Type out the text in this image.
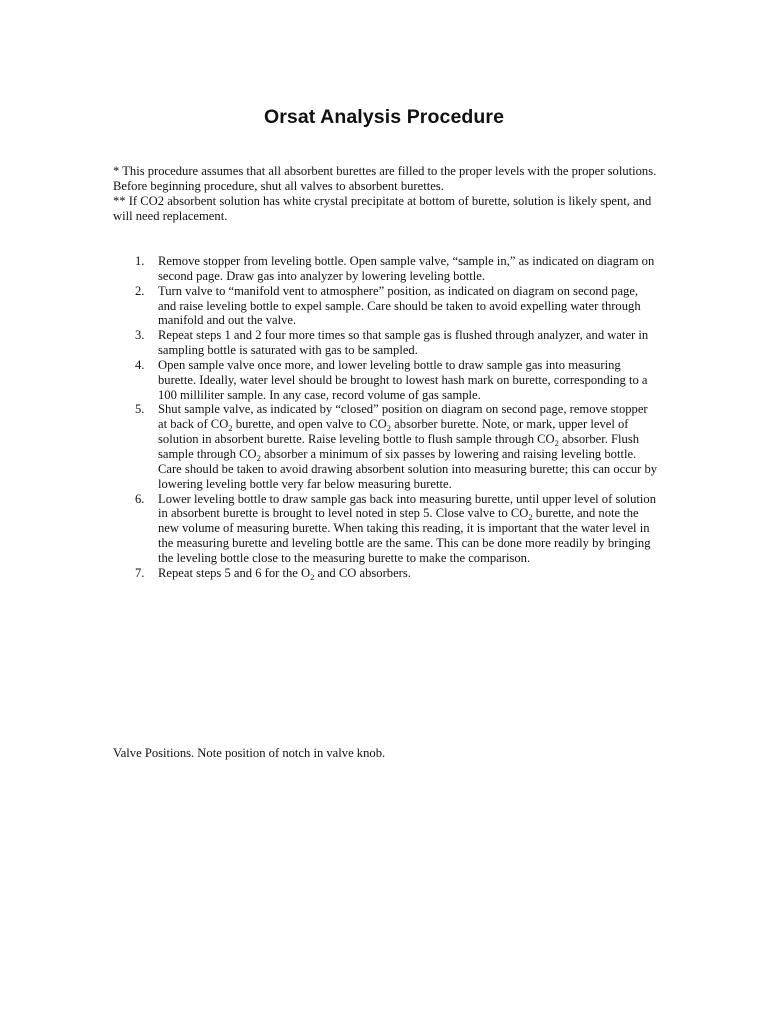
Orsat Analysis Procedure

* This procedure assumes that all absorbent burettes are filled to the proper levels with the proper solutions. Before beginning procedure, shut all valves to absorbent burettes.

** If CO2 absorbent solution has white crystal precipitate at bottom of burette, solution is likely spent, and will need replacement.

1. Remove stopper from leveling bottle. Open sample valve, “sample in,” as indicated on diagram on second page. Draw gas into analyzer by lowering leveling bottle.
2. Turn valve to “manifold vent to atmosphere” position, as indicated on diagram on second page, and raise leveling bottle to expel sample. Care should be taken to avoid expelling water through manifold and out the valve.
3. Repeat steps 1 and 2 four more times so that sample gas is flushed through analyzer, and water in sampling bottle is saturated with gas to be sampled.
4. Open sample valve once more, and lower leveling bottle to draw sample gas into measuring burette. Ideally, water level should be brought to lowest hash mark on burette, corresponding to a 100 milliliter sample. In any case, record volume of gas sample.
5. Shut sample valve, as indicated by “closed” position on diagram on second page, remove stopper at back of $CO_2$ burette, and open valve to $CO_2$ absorber burette. Note, or mark, upper level of solution in absorbent burette. Raise leveling bottle to flush sample through $CO_2$ absorber. Flush sample through $CO_2$ absorber a minimum of six passes by lowering and raising leveling bottle. Care should be taken to avoid drawing absorbent solution into measuring burette; this can occur by lowering leveling bottle very far below measuring burette.
6. Lower leveling bottle to draw sample gas back into measuring burette, until upper level of solution in absorbent burette is brought to level noted in step 5. Close valve to $CO_2$ burette, and note the new volume of measuring burette. When taking this reading, it is important that the water level in the measuring burette and leveling bottle are the same. This can be done more readily by bringing the leveling bottle close to the measuring burette to make the comparison.
7. Repeat steps 5 and 6 for the $O_2$ and CO absorbers.
Valve Positions. Note position of notch in valve knob.
